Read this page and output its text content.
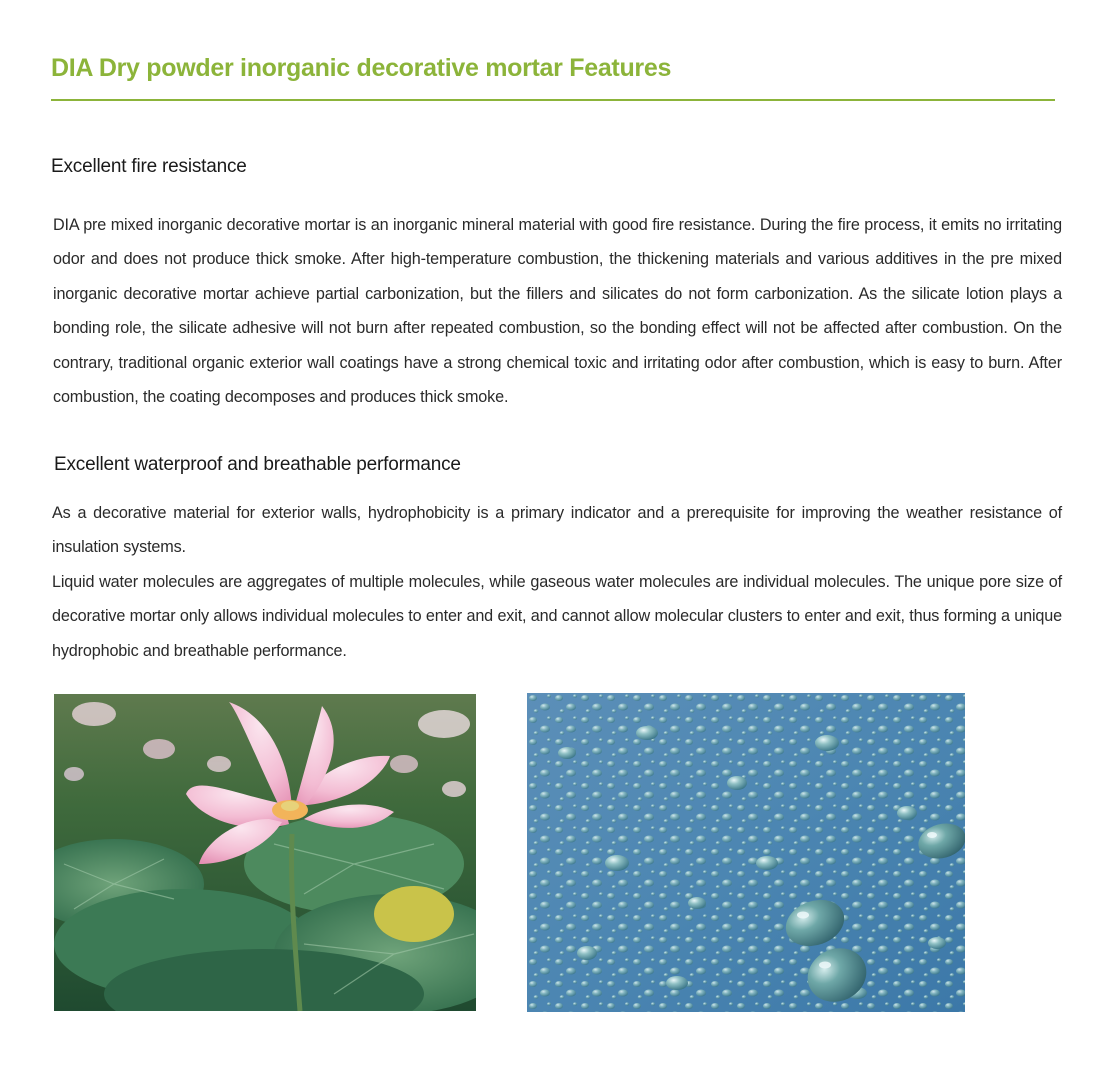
DIA Dry powder inorganic decorative mortar Features
Excellent fire resistance

DIA pre mixed inorganic decorative mortar is an inorganic mineral material with good fire resistance. During the fire process, it emits no irritating odor and does not produce thick smoke. After high-temperature combustion, the thickening materials and various additives in the pre mixed inorganic decorative mortar achieve partial carbonization, but the fillers and silicates do not form carbonization. As the silicate lotion plays a bonding role, the silicate adhesive will not burn after repeated combustion, so the bonding effect will not be affected after combustion. On the contrary, traditional organic exterior wall coatings have a strong chemical toxic and irritating odor after combustion, which is easy to burn. After combustion, the coating decomposes and produces thick smoke.

Excellent waterproof and breathable performance

As a decorative material for exterior walls, hydrophobicity is a primary indicator and a prerequisite for improving the weather resistance of insulation systems.

Liquid water molecules are aggregates of multiple molecules, while gaseous water molecules are individual molecules. The unique pore size of decorative mortar only allows individual molecules to enter and exit, and cannot allow molecular clusters to enter and exit, thus forming a unique hydrophobic and breathable performance.
